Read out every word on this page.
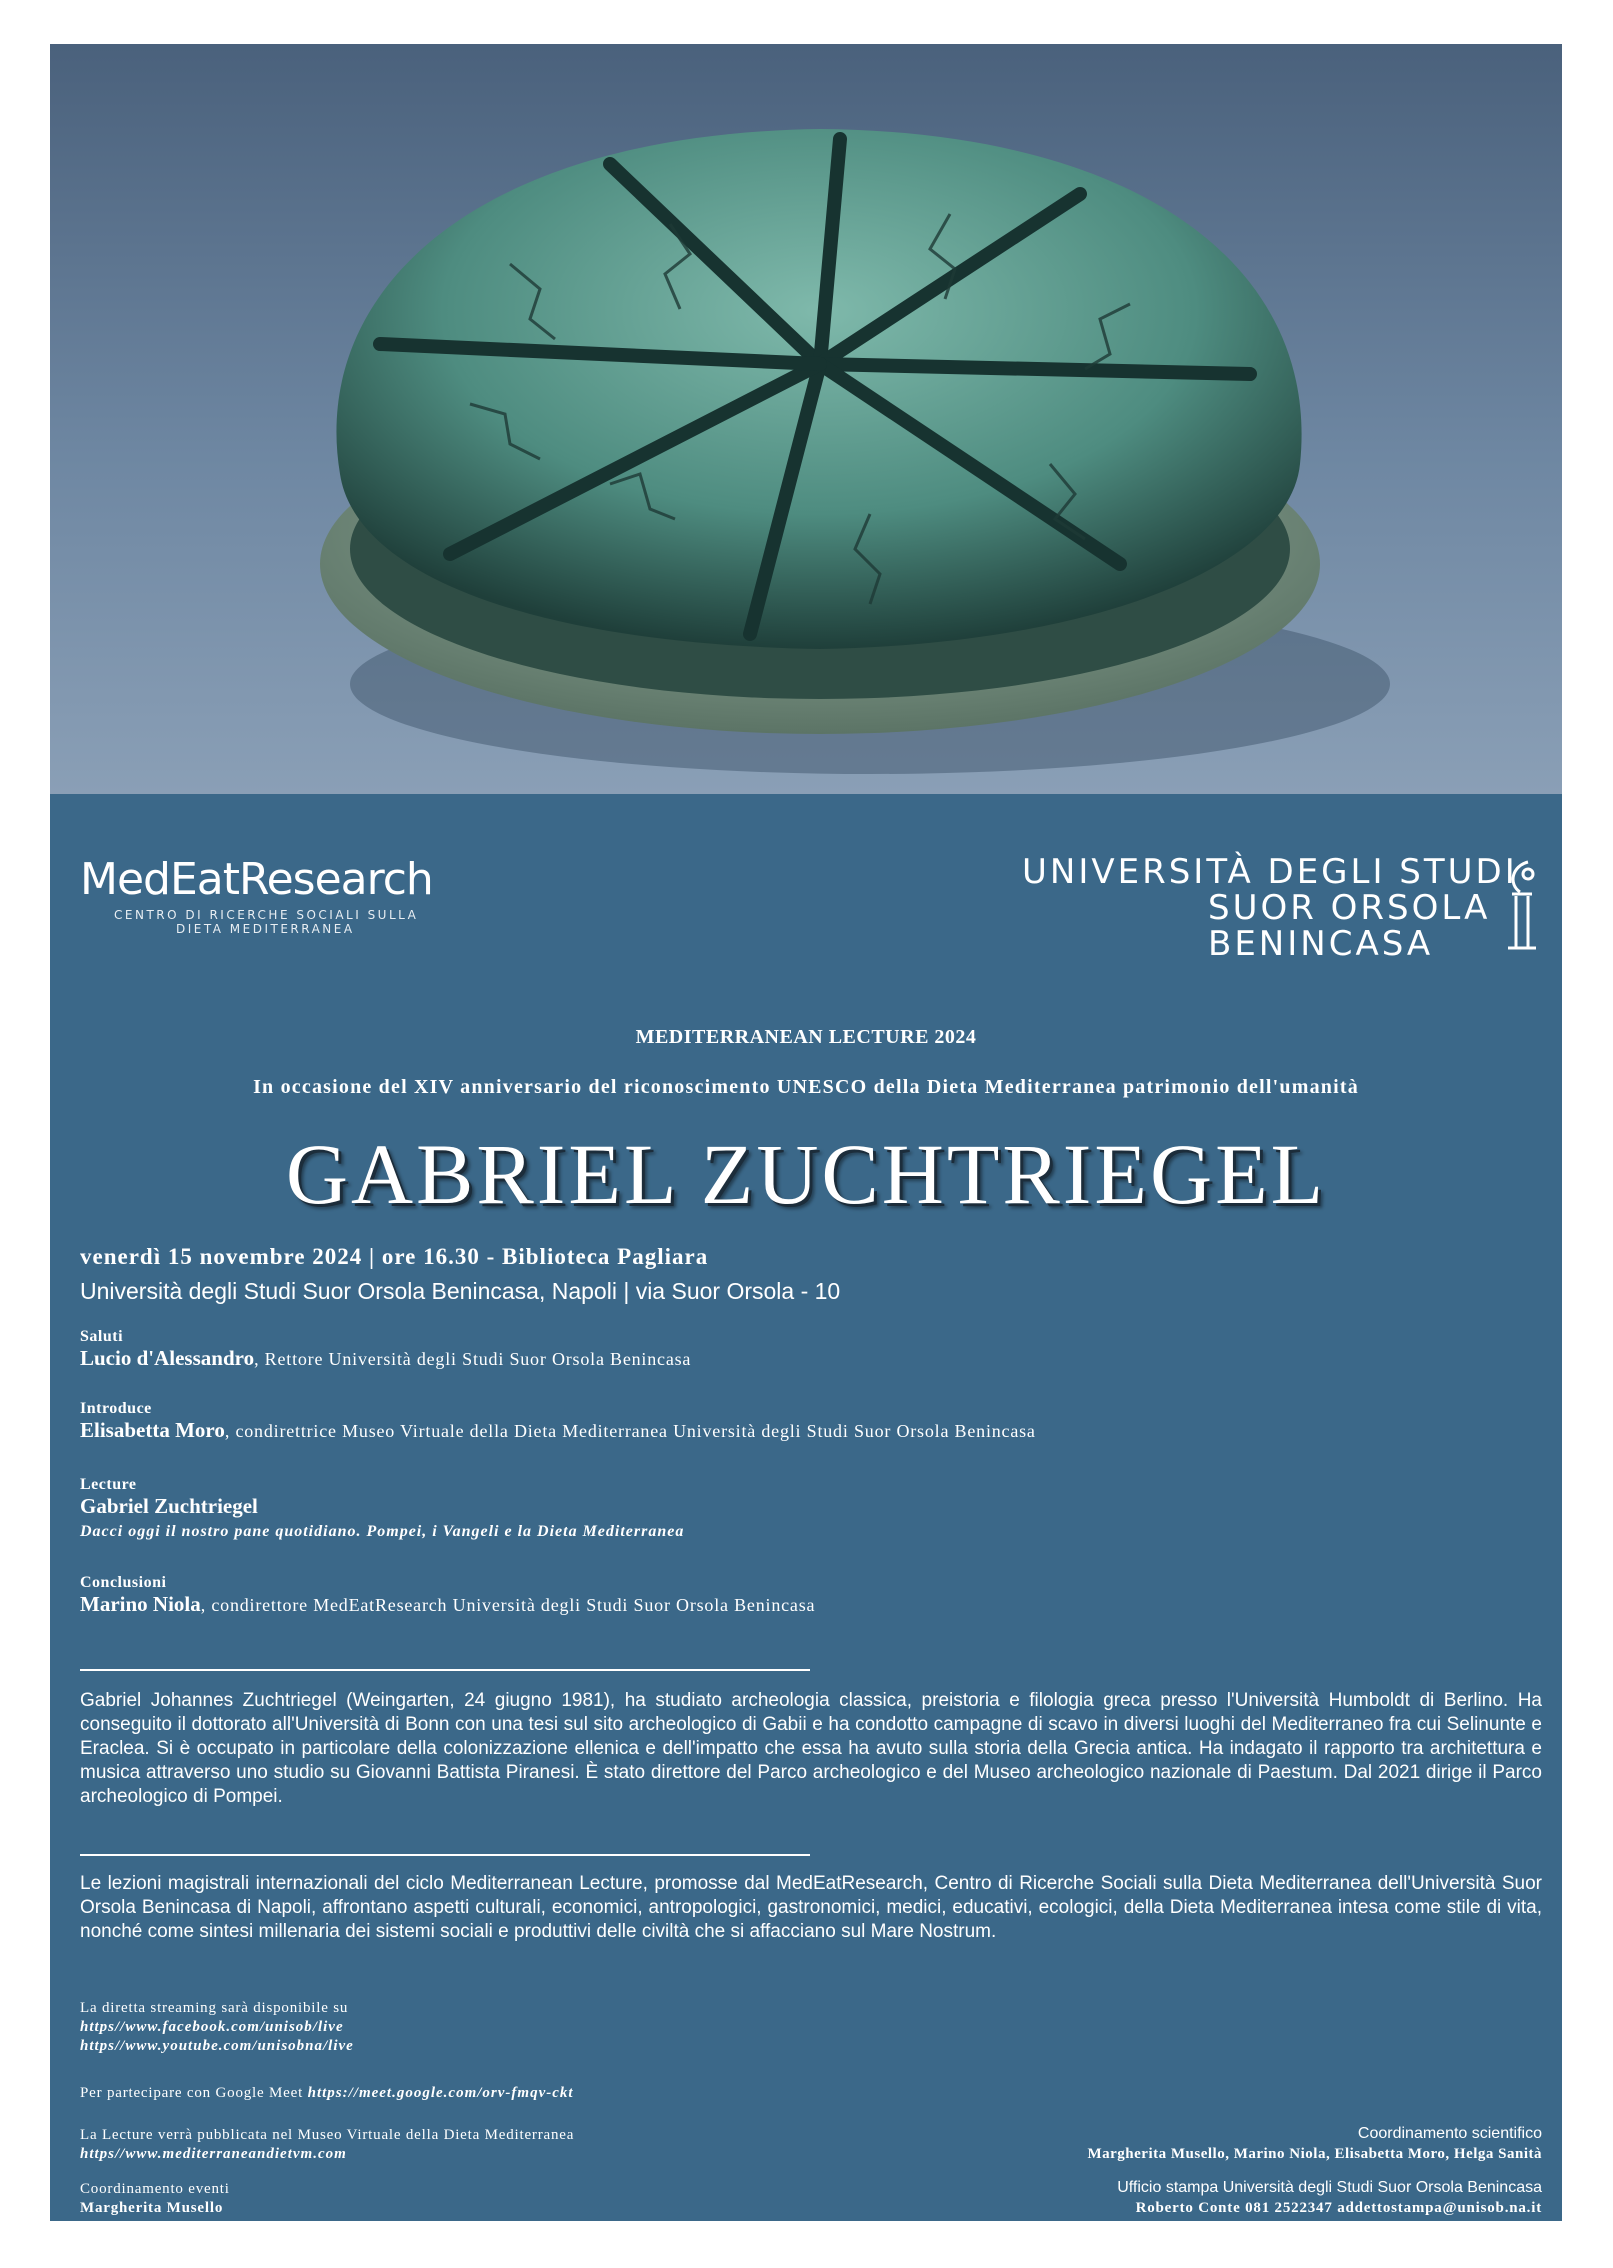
MedEatResearch
CENTRO DI RICERCHE SOCIALI SULLA
DIETA MEDITERRANEA
UNIVERSITÀ DEGLI STUDI
SUOR ORSOLA
BENINCASA
MEDITERRANEAN LECTURE 2024
In occasione del XIV anniversario del riconoscimento UNESCO della Dieta Mediterranea patrimonio dell'umanità
GABRIEL ZUCHTRIEGEL
venerdì 15 novembre 2024 | ore 16.30 - Biblioteca Pagliara
Università degli Studi Suor Orsola Benincasa, Napoli | via Suor Orsola - 10
Saluti
Lucio d'Alessandro, Rettore Università degli Studi Suor Orsola Benincasa
Introduce
Elisabetta Moro, condirettrice Museo Virtuale della Dieta Mediterranea Università degli Studi Suor Orsola Benincasa
Lecture
Gabriel Zuchtriegel
Dacci oggi il nostro pane quotidiano. Pompei, i Vangeli e la Dieta Mediterranea
Conclusioni
Marino Niola, condirettore MedEatResearch Università degli Studi Suor Orsola Benincasa
Gabriel Johannes Zuchtriegel (Weingarten, 24 giugno 1981), ha studiato archeologia classica, preistoria e filologia greca presso l'Università Humboldt di Berlino. Ha conseguito il dottorato all'Università di Bonn con una tesi sul sito archeologico di Gabii e ha condotto campagne di scavo in diversi luoghi del Mediterraneo fra cui Selinunte e Eraclea. Si è occupato in particolare della colonizzazione ellenica e dell'impatto che essa ha avuto sulla storia della Grecia antica. Ha indagato il rapporto tra architettura e musica attraverso uno studio su Giovanni Battista Piranesi. È stato direttore del Parco archeologico e del Museo archeologico nazionale di Paestum. Dal 2021 dirige il Parco archeologico di Pompei.
Le lezioni magistrali internazionali del ciclo Mediterranean Lecture, promosse dal MedEatResearch, Centro di Ricerche Sociali sulla Dieta Mediterranea dell'Università Suor Orsola Benincasa di Napoli, affrontano aspetti culturali, economici, antropologici, gastronomici, medici, educativi, ecologici, della Dieta Mediterranea intesa come stile di vita, nonché come sintesi millenaria dei sistemi sociali e produttivi delle civiltà che si affacciano sul Mare Nostrum.
La diretta streaming sarà disponibile su
https//www.facebook.com/unisob/live
https//www.youtube.com/unisobna/live
Per partecipare con Google Meet https://meet.google.com/orv-fmqv-ckt
La Lecture verrà pubblicata nel Museo Virtuale della Dieta Mediterranea
https//www.mediterraneandietvm.com
Coordinamento eventi
Margherita Musello
Coordinamento scientifico
Margherita Musello, Marino Niola, Elisabetta Moro, Helga Sanità
Ufficio stampa Università degli Studi Suor Orsola Benincasa
Roberto Conte 081 2522347 addettostampa@unisob.na.it
